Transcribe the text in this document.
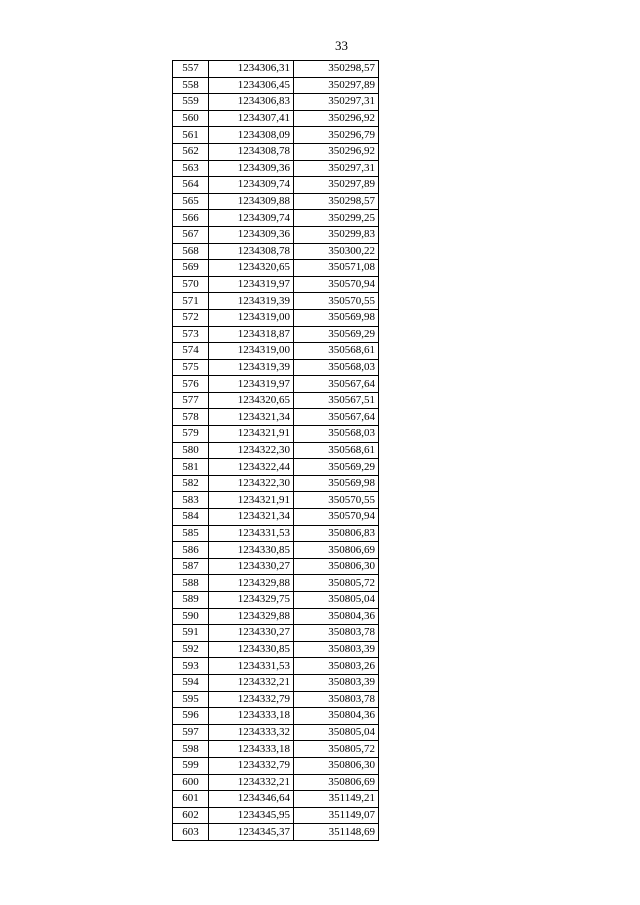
33
557	1234306,31	350298,57
558	1234306,45	350297,89
559	1234306,83	350297,31
560	1234307,41	350296,92
561	1234308,09	350296,79
562	1234308,78	350296,92
563	1234309,36	350297,31
564	1234309,74	350297,89
565	1234309,88	350298,57
566	1234309,74	350299,25
567	1234309,36	350299,83
568	1234308,78	350300,22
569	1234320,65	350571,08
570	1234319,97	350570,94
571	1234319,39	350570,55
572	1234319,00	350569,98
573	1234318,87	350569,29
574	1234319,00	350568,61
575	1234319,39	350568,03
576	1234319,97	350567,64
577	1234320,65	350567,51
578	1234321,34	350567,64
579	1234321,91	350568,03
580	1234322,30	350568,61
581	1234322,44	350569,29
582	1234322,30	350569,98
583	1234321,91	350570,55
584	1234321,34	350570,94
585	1234331,53	350806,83
586	1234330,85	350806,69
587	1234330,27	350806,30
588	1234329,88	350805,72
589	1234329,75	350805,04
590	1234329,88	350804,36
591	1234330,27	350803,78
592	1234330,85	350803,39
593	1234331,53	350803,26
594	1234332,21	350803,39
595	1234332,79	350803,78
596	1234333,18	350804,36
597	1234333,32	350805,04
598	1234333,18	350805,72
599	1234332,79	350806,30
600	1234332,21	350806,69
601	1234346,64	351149,21
602	1234345,95	351149,07
603	1234345,37	351148,69
